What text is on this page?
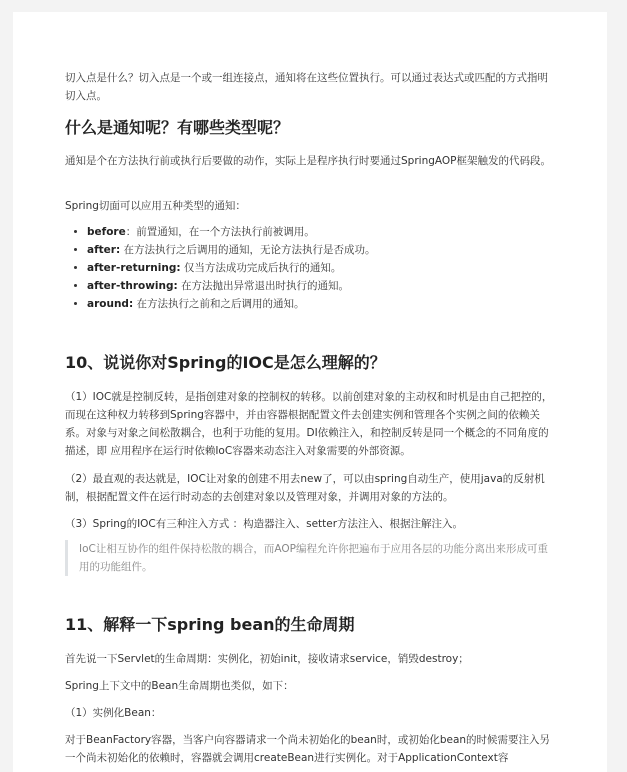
切入点是什么？切入点是一个或一组连接点，通知将在这些位置执行。可以通过表达式或匹配的方式指明切入点。

什么是通知呢？有哪些类型呢？

通知是个在方法执行前或执行后要做的动作，实际上是程序执行时要通过SpringAOP框架触发的代码段。

Spring切面可以应用五种类型的通知：

• before：前置通知，在一个方法执行前被调用。
• after: 在方法执行之后调用的通知，无论方法执行是否成功。
• after-returning: 仅当方法成功完成后执行的通知。
• after-throwing: 在方法抛出异常退出时执行的通知。
• around: 在方法执行之前和之后调用的通知。
10、说说你对Spring的IOC是怎么理解的？

（1）IOC就是控制反转，是指创建对象的控制权的转移。以前创建对象的主动权和时机是由自己把控的，而现在这种权力转移到Spring容器中，并由容器根据配置文件去创建实例和管理各个实例之间的依赖关系。对象与对象之间松散耦合，也利于功能的复用。DI依赖注入，和控制反转是同一个概念的不同角度的描述，即 应用程序在运行时依赖IoC容器来动态注入对象需要的外部资源。

（2）最直观的表达就是，IOC让对象的创建不用去new了，可以由spring自动生产，使用java的反射机制，根据配置文件在运行时动态的去创建对象以及管理对象，并调用对象的方法的。

（3）Spring的IOC有三种注入方式 ：构造器注入、setter方法注入、根据注解注入。

IoC让相互协作的组件保持松散的耦合，而AOP编程允许你把遍布于应用各层的功能分离出来形成可重用的功能组件。

11、解释一下spring bean的生命周期

首先说一下Servlet的生命周期：实例化，初始init，接收请求service，销毁destroy；

Spring上下文中的Bean生命周期也类似，如下：

（1）实例化Bean：

对于BeanFactory容器，当客户向容器请求一个尚未初始化的bean时，或初始化bean的时候需要注入另一个尚未初始化的依赖时，容器就会调用createBean进行实例化。对于ApplicationContext容
